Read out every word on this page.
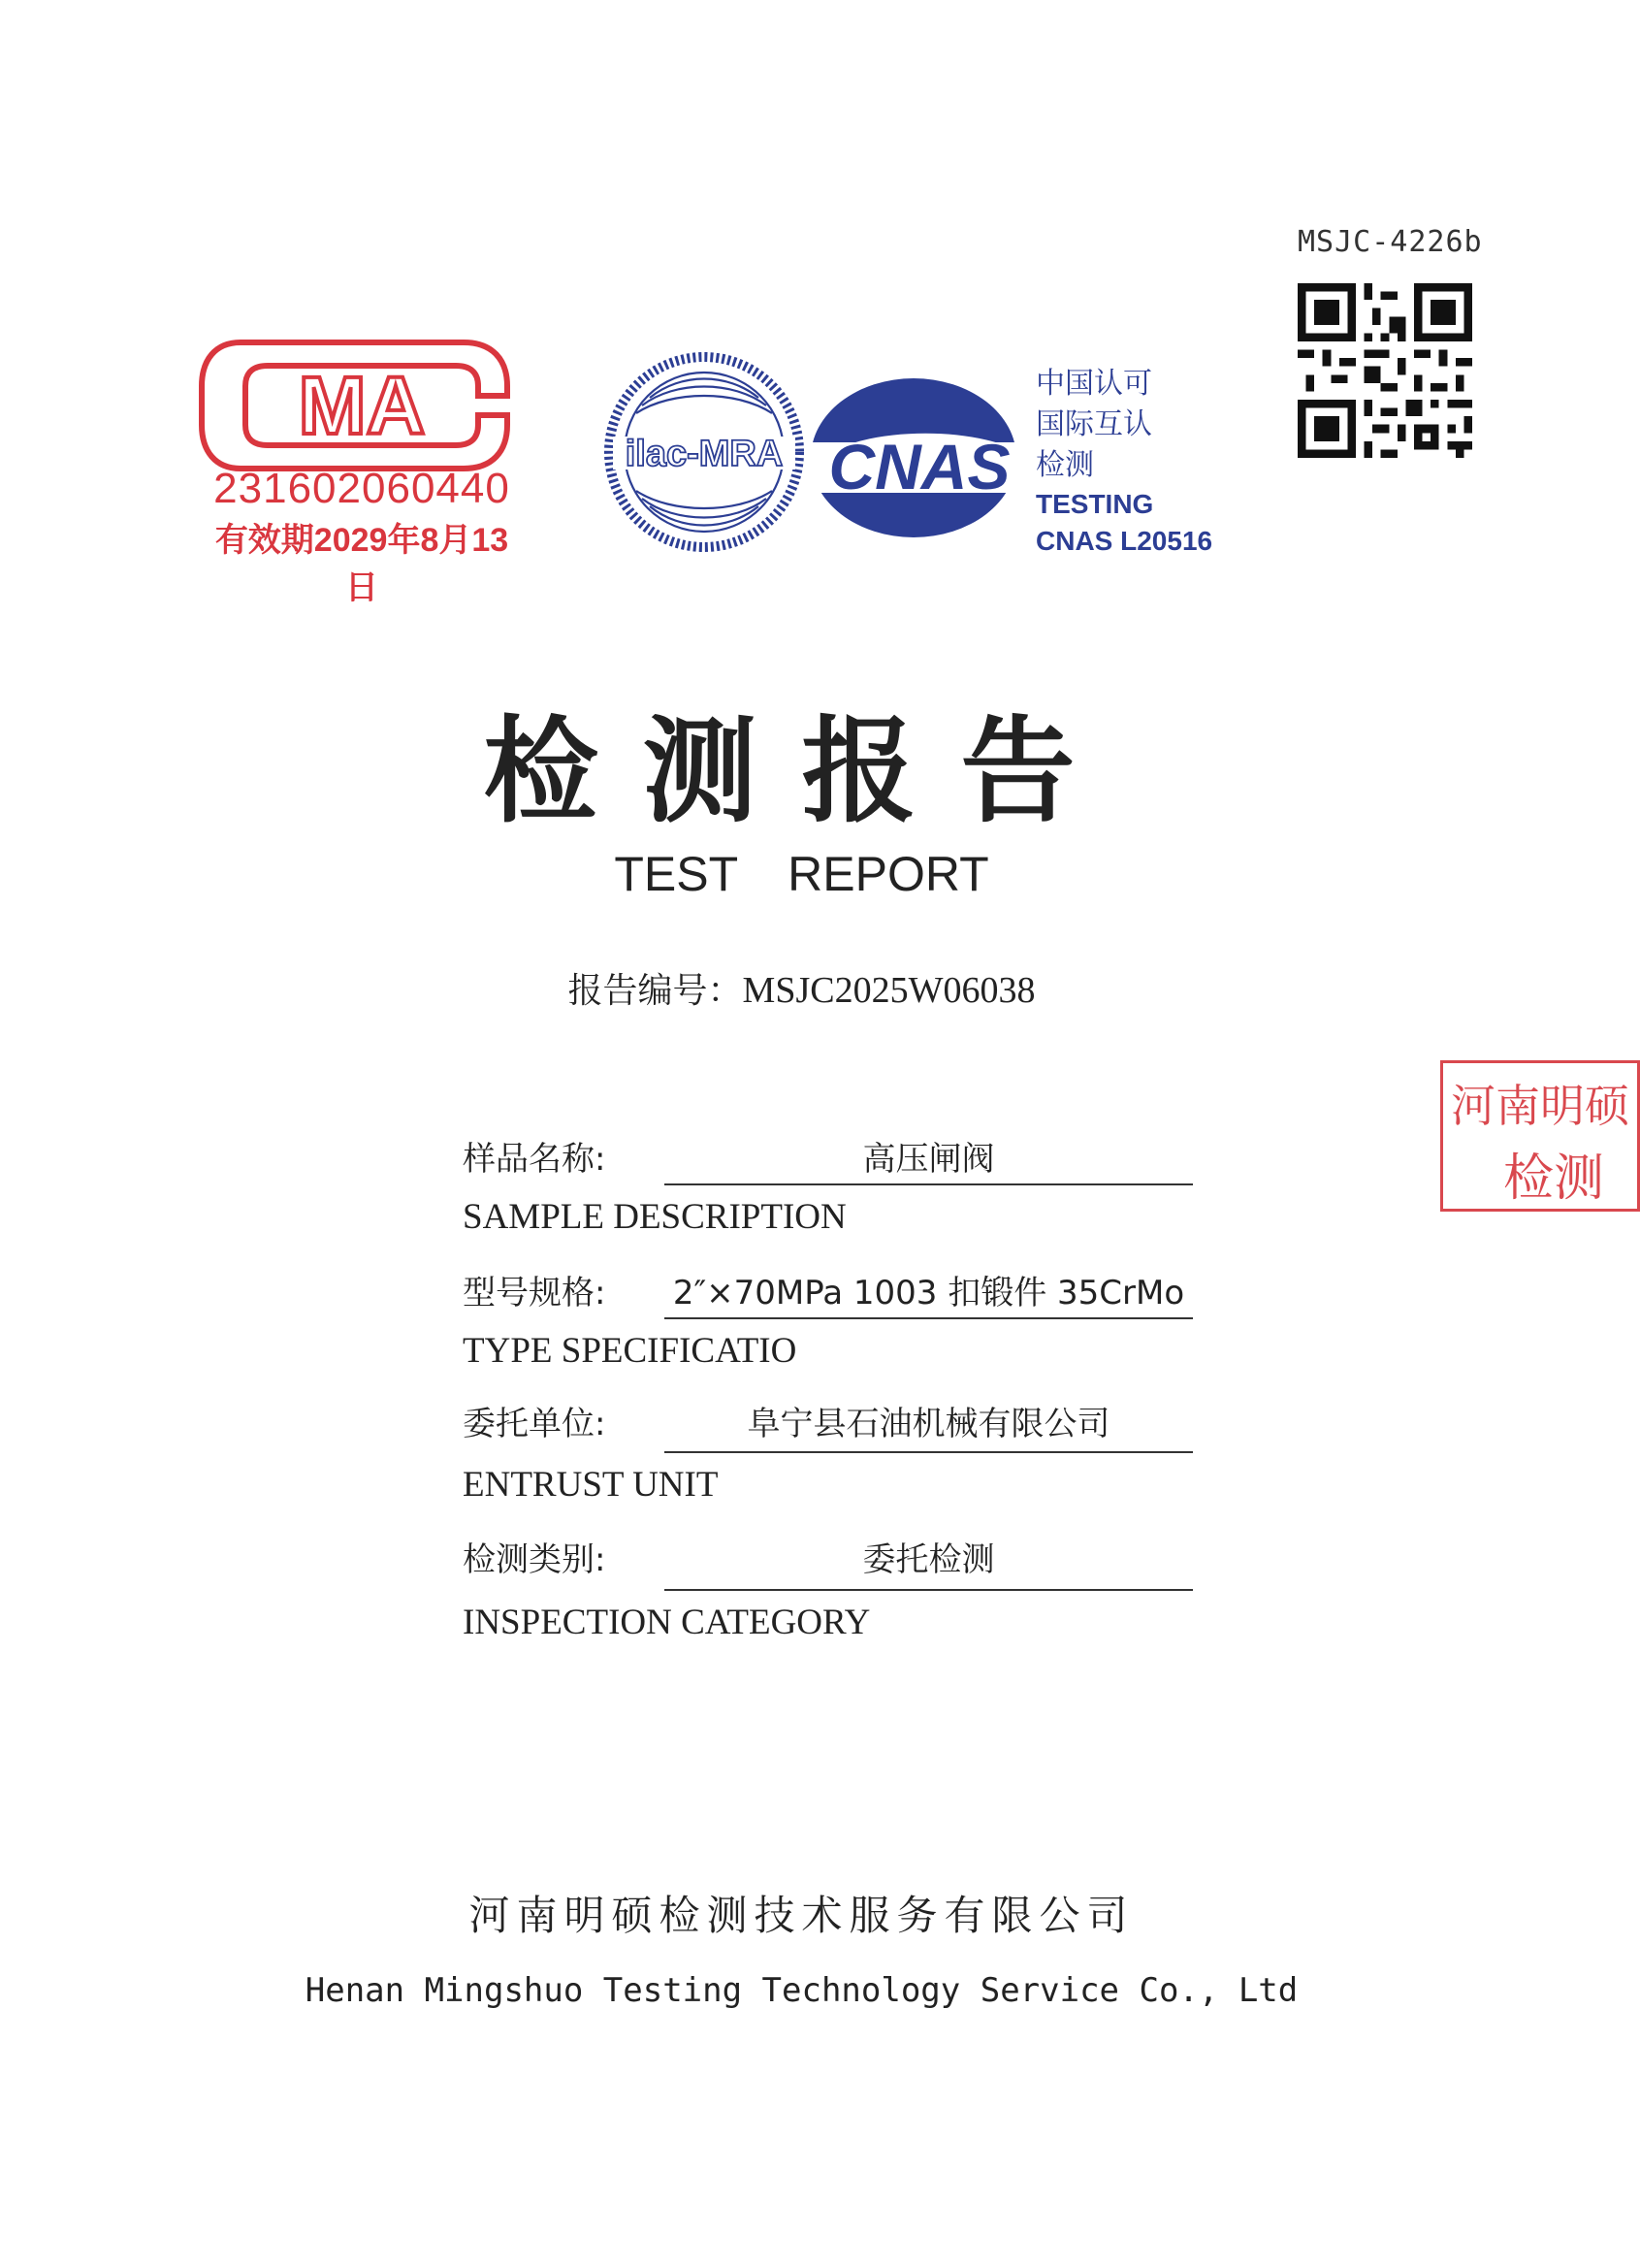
MSJC-4226b
MA
231602060440
有效期2029年8月13日
ilac-MRA CNAS
中国认可
国际互认
检测
TESTING
CNAS L20516
河南明硕
检测
检测报告
TEST REPORT
报告编号：MSJC2025W06038
样品名称:	高压闸阀
SAMPLE DESCRIPTION
型号规格: 2″×70MPa 1003 扣锻件 35CrMo
TYPE SPECIFICATIO
委托单位:	阜宁县石油机械有限公司
ENTRUST UNIT
检测类别:	委托检测
INSPECTION CATEGORY
河南明硕检测技术服务有限公司
Henan Mingshuo Testing Technology Service Co., Ltd
